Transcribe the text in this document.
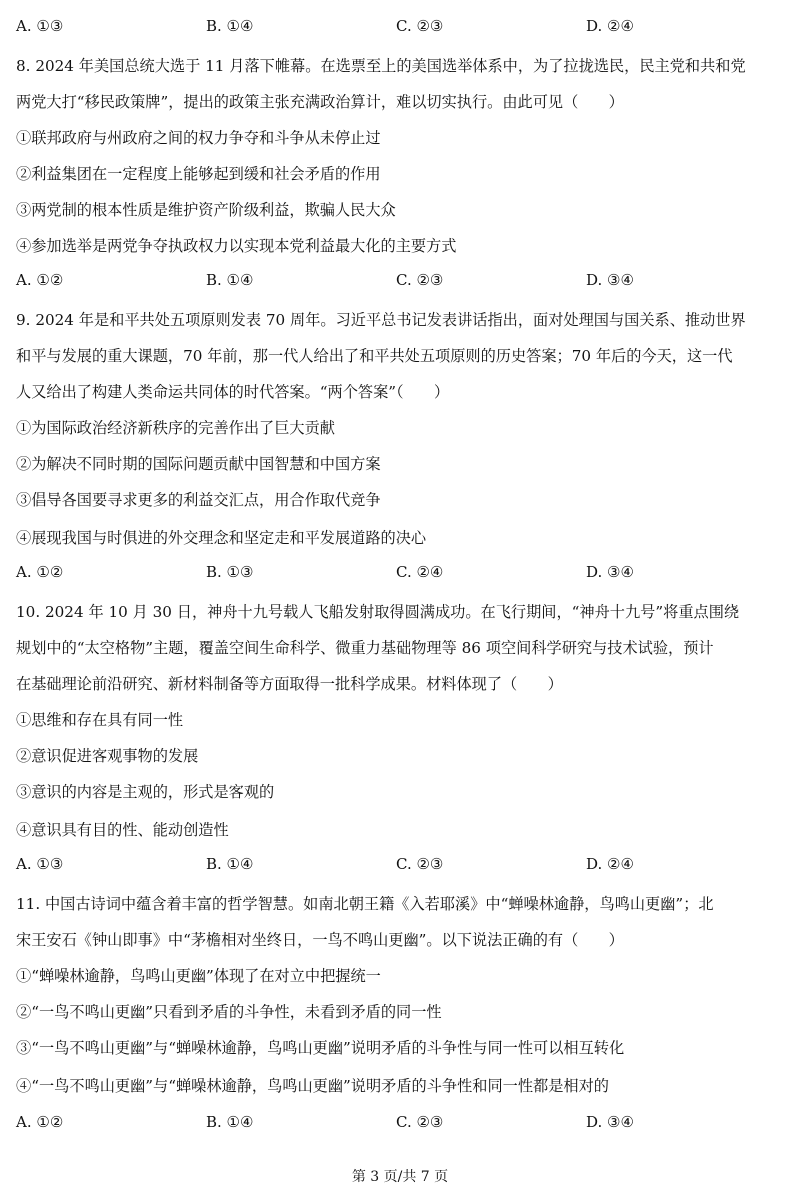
A. ①③	B. ①④	C. ②③	D. ②④
8. 2024 年美国总统大选于 11 月落下帷幕。在选票至上的美国选举体系中，为了拉拢选民，民主党和共和党
两党大打“移民政策牌”，提出的政策主张充满政治算计，难以切实执行。由此可见（　　）
①联邦政府与州政府之间的权力争夺和斗争从未停止过
②利益集团在一定程度上能够起到缓和社会矛盾的作用
③两党制的根本性质是维护资产阶级利益，欺骗人民大众
④参加选举是两党争夺执政权力以实现本党利益最大化的主要方式
A. ①②	B. ①④	C. ②③	D. ③④
9. 2024 年是和平共处五项原则发表 70 周年。习近平总书记发表讲话指出，面对处理国与国关系、推动世界
和平与发展的重大课题，70 年前，那一代人给出了和平共处五项原则的历史答案；70 年后的今天，这一代
人又给出了构建人类命运共同体的时代答案。“两个答案”（　　）
①为国际政治经济新秩序的完善作出了巨大贡献
②为解决不同时期的国际问题贡献中国智慧和中国方案
③倡导各国要寻求更多的利益交汇点，用合作取代竞争
④展现我国与时俱进的外交理念和坚定走和平发展道路的决心
A. ①②	B. ①③	C. ②④	D. ③④
10. 2024 年 10 月 30 日，神舟十九号载人飞船发射取得圆满成功。在飞行期间，“神舟十九号”将重点围绕
规划中的“太空格物”主题，覆盖空间生命科学、微重力基础物理等 86 项空间科学研究与技术试验，预计
在基础理论前沿研究、新材料制备等方面取得一批科学成果。材料体现了（　　）
①思维和存在具有同一性
②意识促进客观事物的发展
③意识的内容是主观的，形式是客观的
④意识具有目的性、能动创造性
A. ①③	B. ①④	C. ②③	D. ②④
11. 中国古诗词中蕴含着丰富的哲学智慧。如南北朝王籍《入若耶溪》中“蝉噪林逾静，鸟鸣山更幽”；北
宋王安石《钟山即事》中“茅檐相对坐终日，一鸟不鸣山更幽”。以下说法正确的有（　　）
①“蝉噪林逾静，鸟鸣山更幽”体现了在对立中把握统一
②“一鸟不鸣山更幽”只看到矛盾的斗争性，未看到矛盾的同一性
③“一鸟不鸣山更幽”与“蝉噪林逾静，鸟鸣山更幽”说明矛盾的斗争性与同一性可以相互转化
④“一鸟不鸣山更幽”与“蝉噪林逾静，鸟鸣山更幽”说明矛盾的斗争性和同一性都是相对的
A. ①②	B. ①④	C. ②③	D. ③④
第 3 页/共 7 页
